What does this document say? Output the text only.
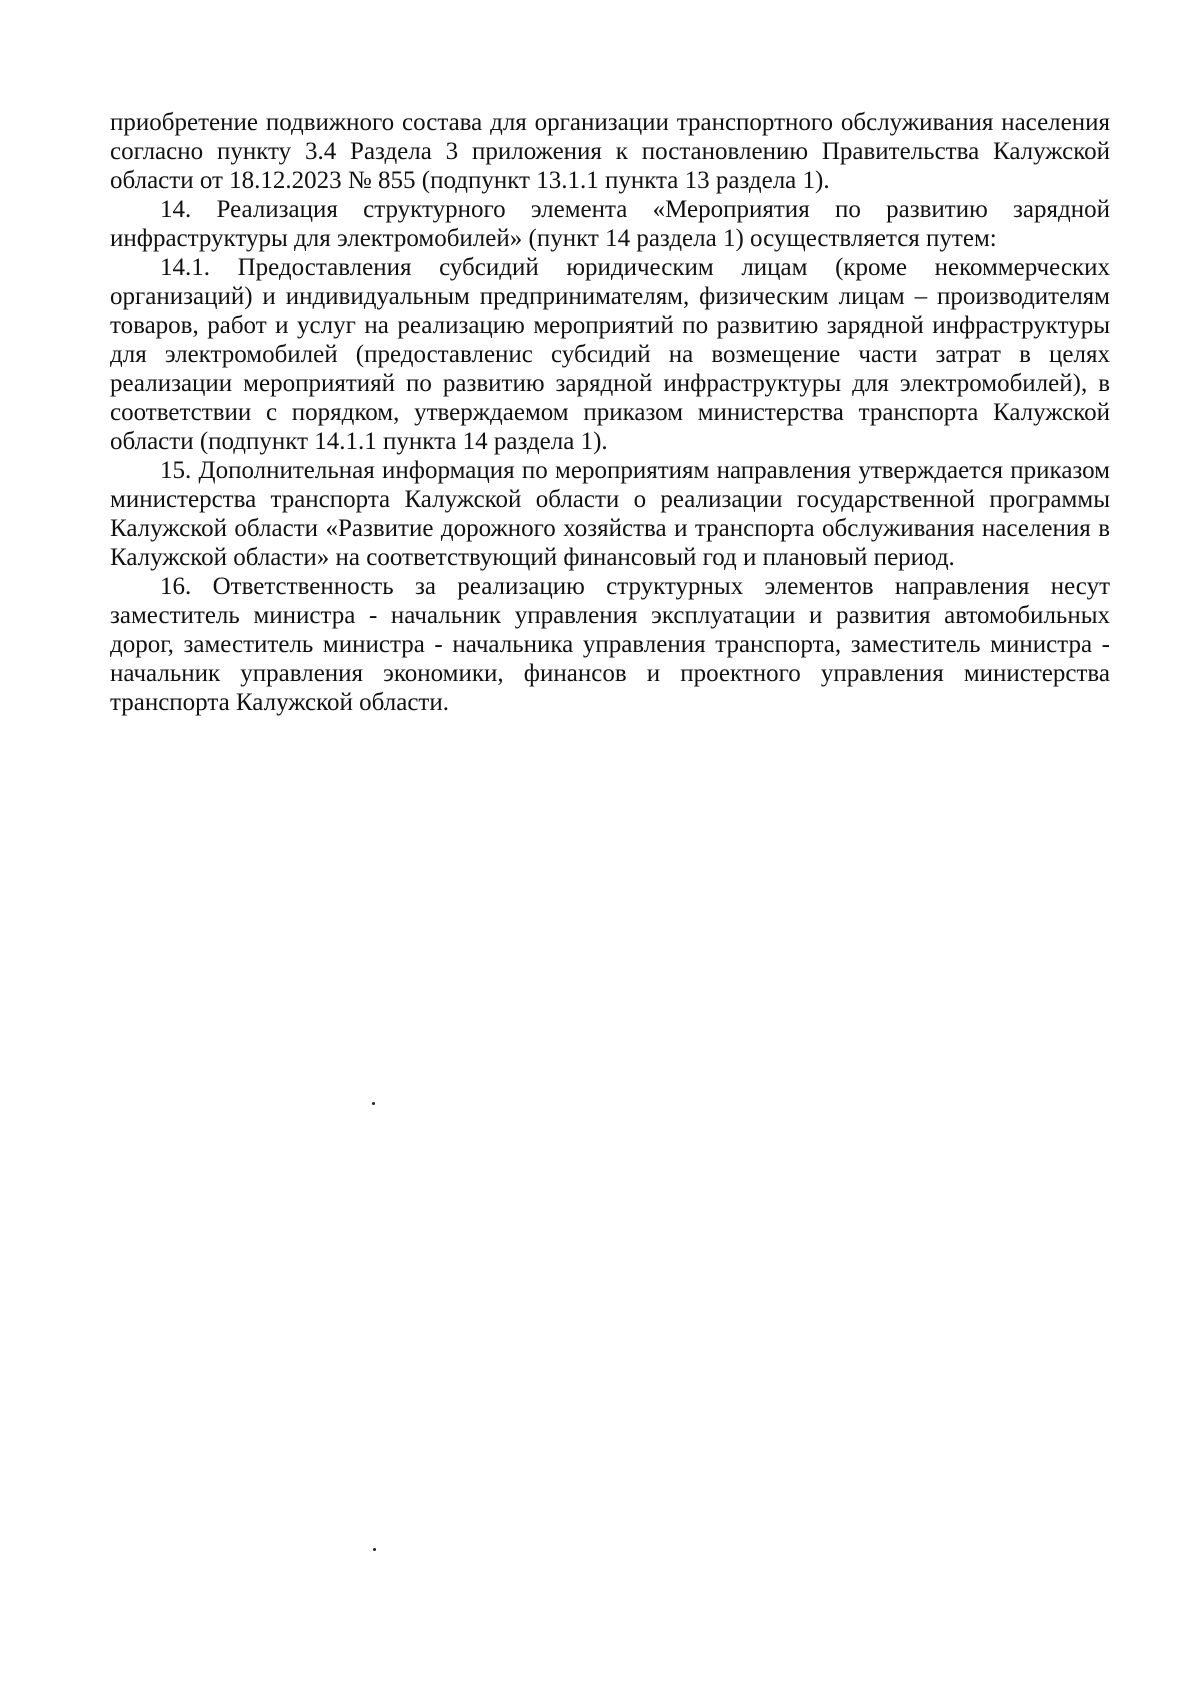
приобретение подвижного состава для организации транспортного обслуживания населения согласно пункту 3.4 Раздела 3 приложения к постановлению Правительства Калужской области от 18.12.2023 № 855 (подпункт 13.1.1 пункта 13 раздела 1).

14. Реализация структурного элемента «Мероприятия по развитию зарядной инфраструктуры для электромобилей» (пункт 14 раздела 1) осуществляется путем:

14.1. Предоставления субсидий юридическим лицам (кроме некоммерческих организаций) и индивидуальным предпринимателям, физическим лицам – производителям товаров, работ и услуг на реализацию мероприятий по развитию зарядной инфраструктуры для электромобилей (предоставленис субсидий на возмещение части затрат в целях реализации мероприятияй по развитию зарядной инфраструктуры для электромобилей), в соответствии с порядком, утверждаемом приказом министерства транспорта Калужской области (подпункт 14.1.1 пункта 14 раздела 1).

15. Дополнительная информация по мероприятиям направления утверждается приказом министерства транспорта Калужской области о реализации государственной программы Калужской области «Развитие дорожного хозяйства и транспорта обслуживания населения в Калужской области» на соответствующий финансовый год и плановый период.

16. Ответственность за реализацию структурных элементов направления несут заместитель министра - начальник управления эксплуатации и развития автомобильных дорог, заместитель министра - начальника управления транспорта, заместитель министра - начальник управления экономики, финансов и проектного управления министерства транспорта Калужской области.
